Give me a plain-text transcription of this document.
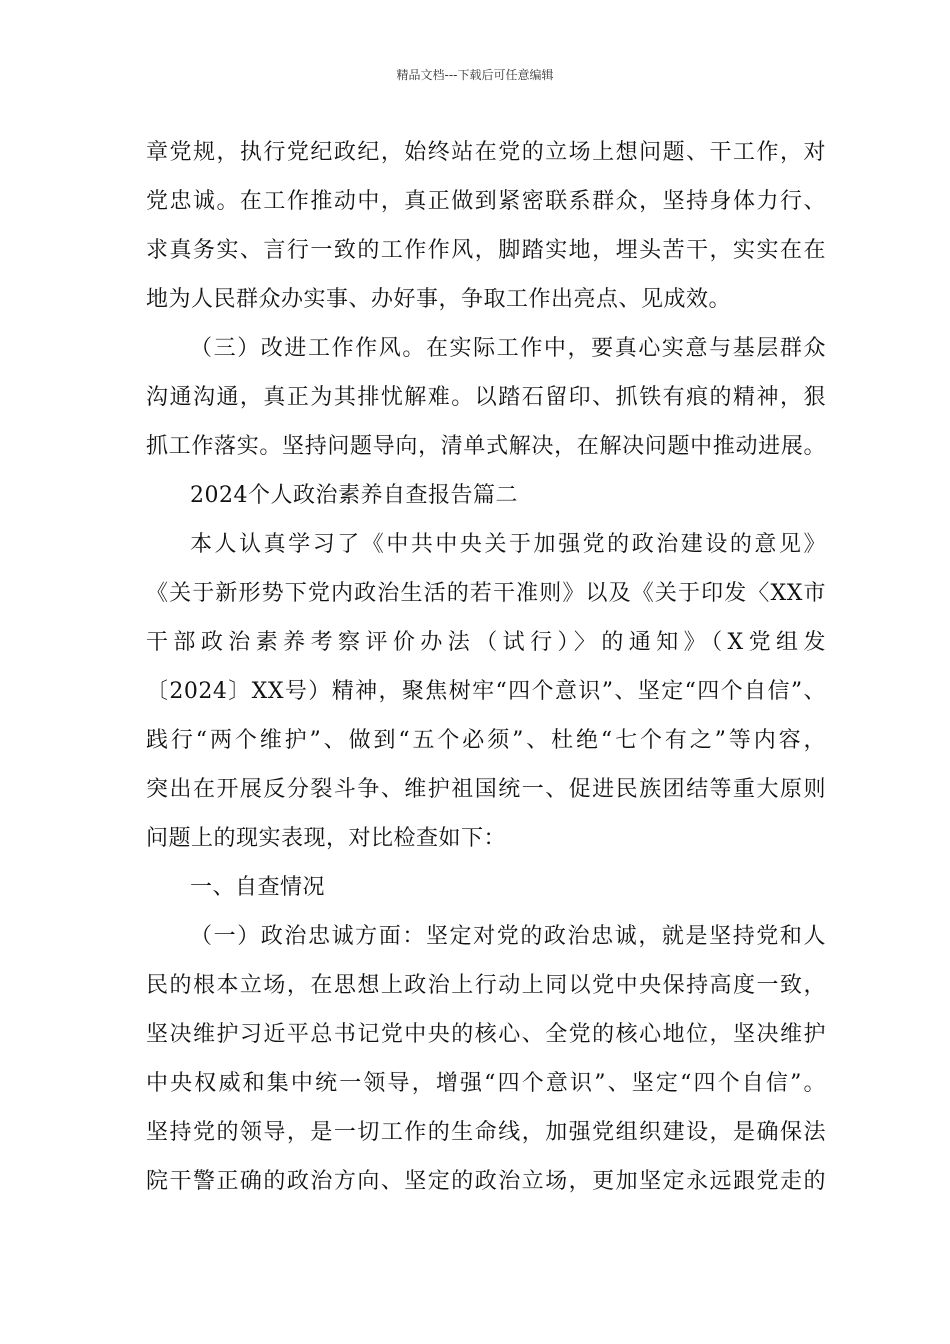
精品文档---下载后可任意编辑
章党规，执行党纪政纪，始终站在党的立场上想问题、干工作，对
党忠诚。在工作推动中，真正做到紧密联系群众，坚持身体力行、
求真务实、言行一致的工作作风，脚踏实地，埋头苦干，实实在在
地为人民群众办实事、办好事，争取工作出亮点、见成效。
（三）改进工作作风。在实际工作中，要真心实意与基层群众
沟通沟通，真正为其排忧解难。以踏石留印、抓铁有痕的精神，狠
抓工作落实。坚持问题导向，清单式解决，在解决问题中推动进展。
2024个人政治素养自查报告篇二
本人认真学习了《中共中央关于加强党的政治建设的意见》
《关于新形势下党内政治生活的若干准则》以及《关于印发〈XX市
干部政治素养考察评价办法（试行）〉的通知》（X党组发
〔2024〕XX号）精神，聚焦树牢“四个意识”、坚定“四个自信”、
践行“两个维护”、做到“五个必须”、杜绝“七个有之”等内容，
突出在开展反分裂斗争、维护祖国统一、促进民族团结等重大原则
问题上的现实表现，对比检查如下：
一、自查情况
（一）政治忠诚方面：坚定对党的政治忠诚，就是坚持党和人
民的根本立场，在思想上政治上行动上同以党中央保持高度一致，
坚决维护习近平总书记党中央的核心、全党的核心地位，坚决维护
中央权威和集中统一领导，增强“四个意识”、坚定“四个自信”。
坚持党的领导，是一切工作的生命线，加强党组织建设，是确保法
院干警正确的政治方向、坚定的政治立场，更加坚定永远跟党走的
